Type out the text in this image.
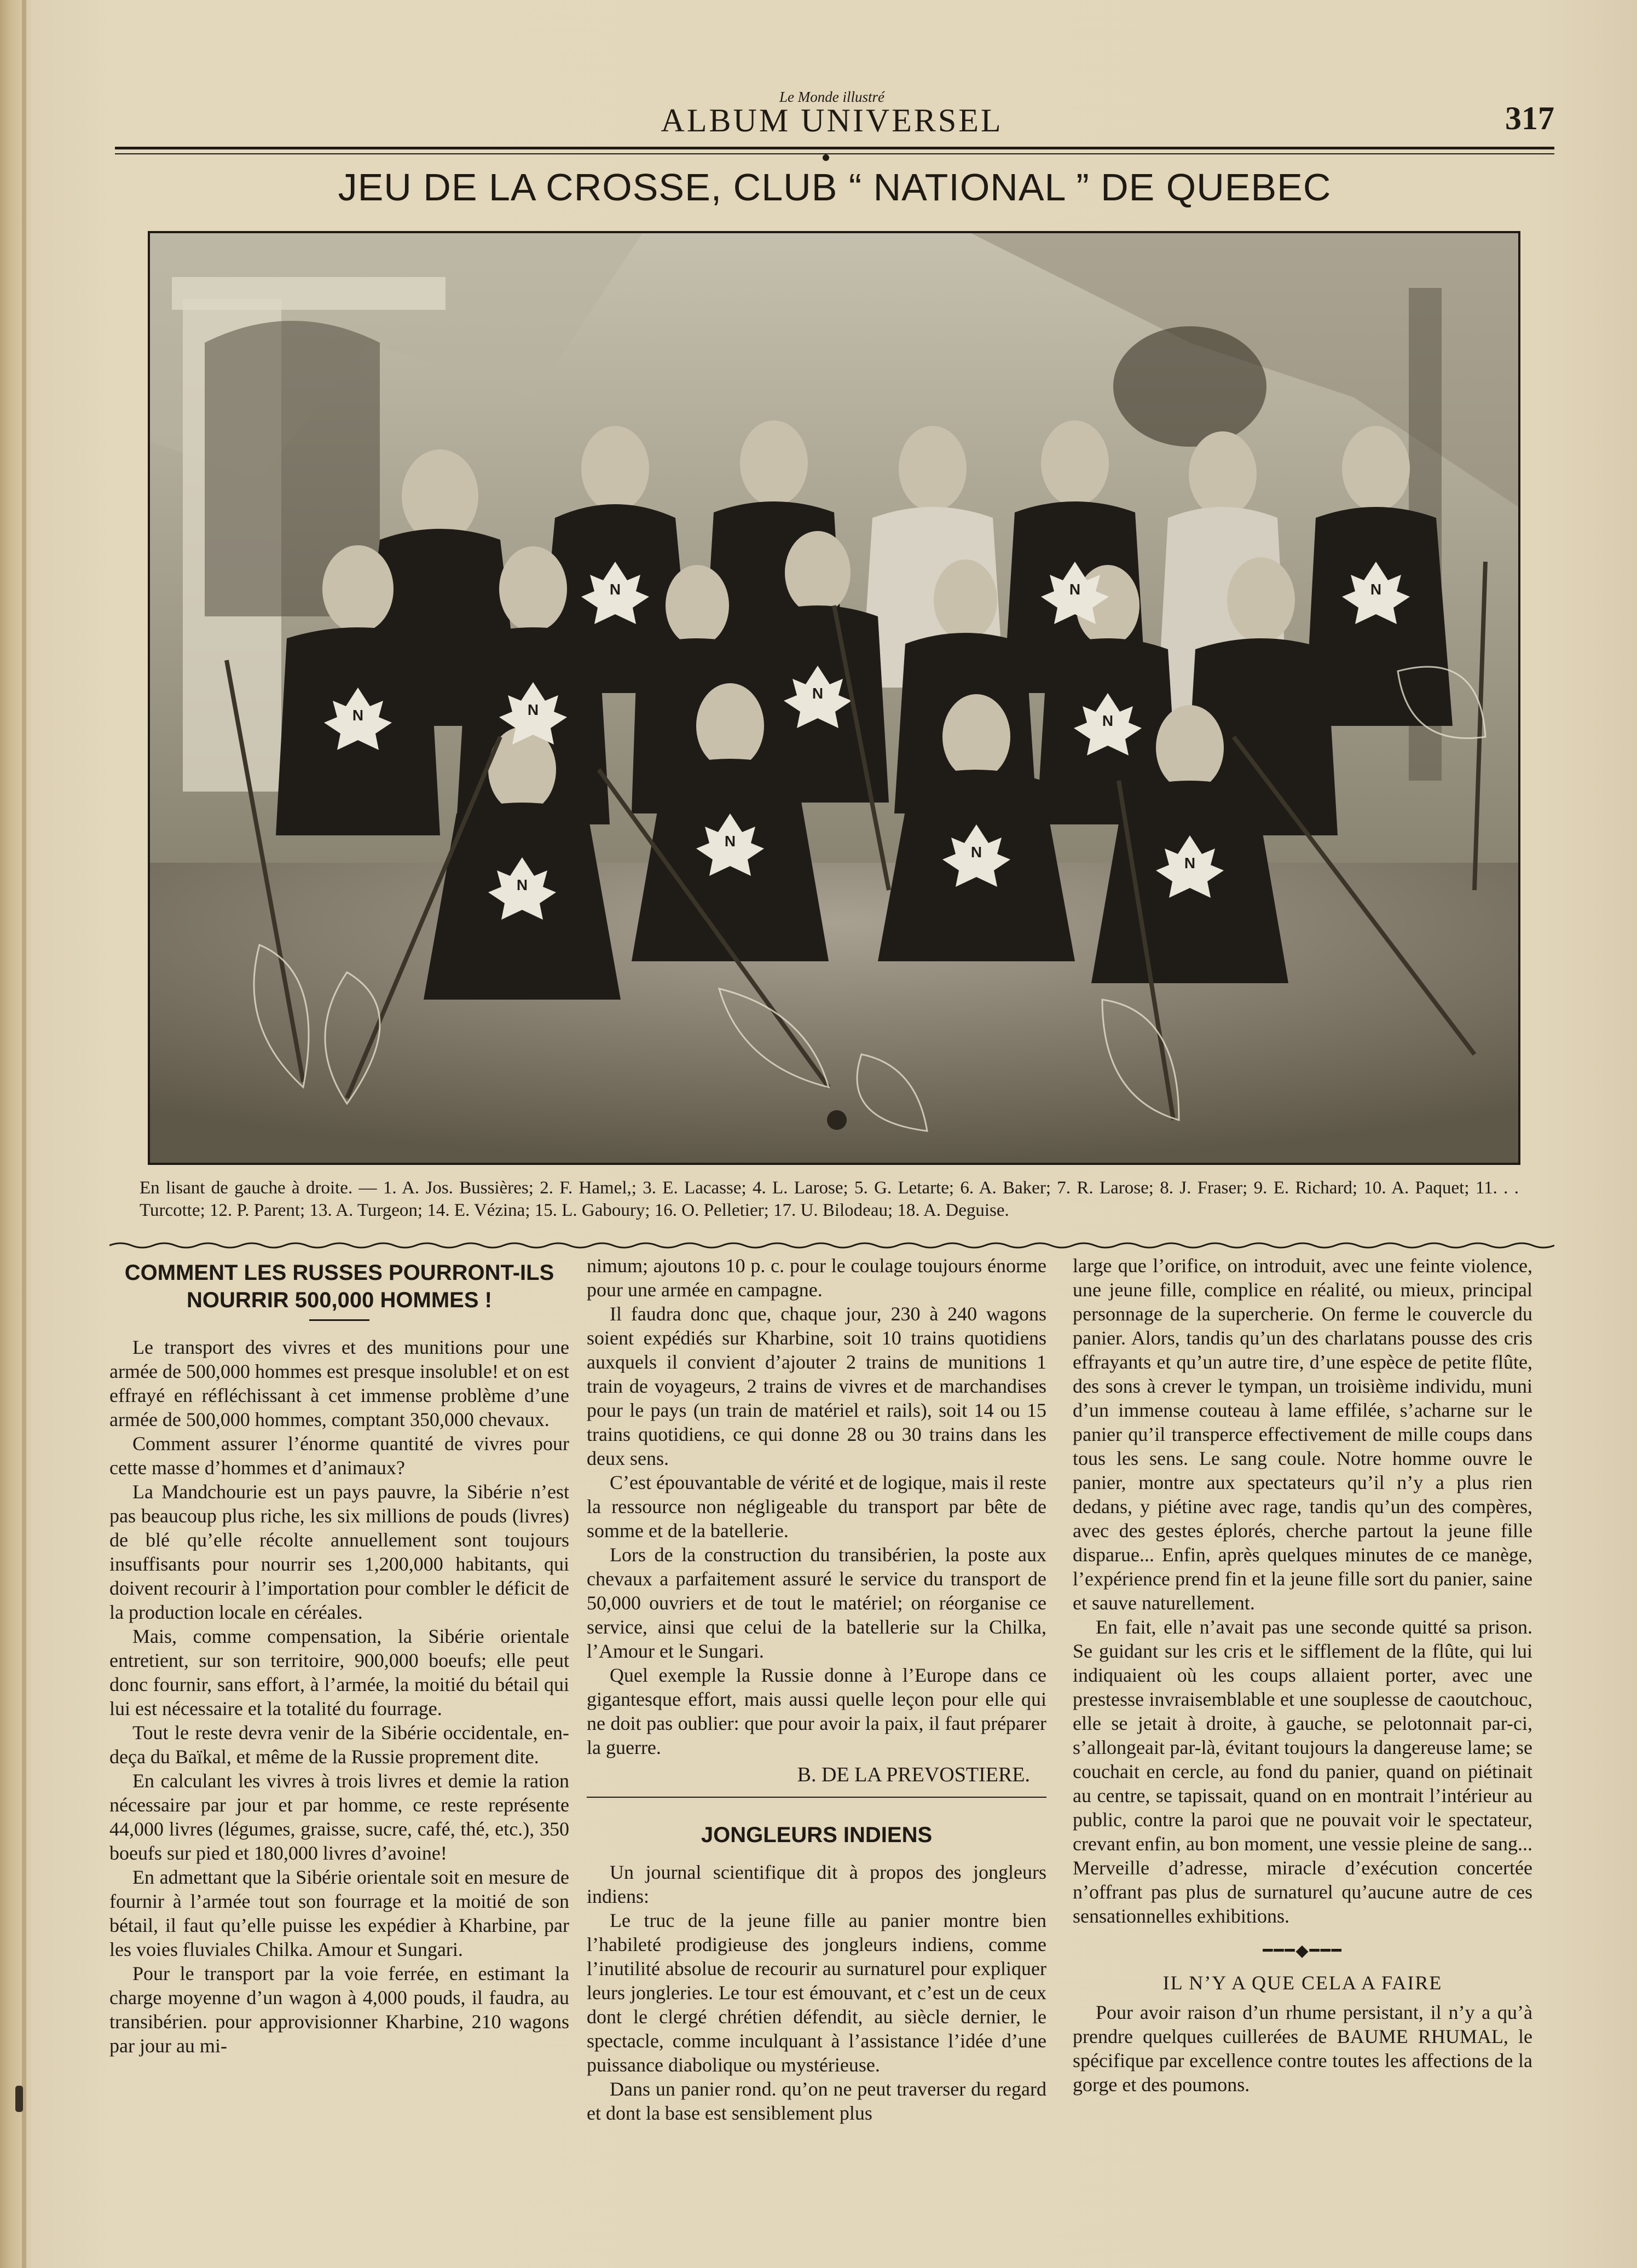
Le Monde illustré
ALBUM UNIVERSEL	317
JEU DE LA CROSSE, CLUB “ NATIONAL ” DE QUEBEC
N	N	N
N	N
N
N
N
N
N
N
En lisant de gauche à droite. — 1. A. Jos. Bussières; 2. F. Hamel,; 3. E. Lacasse; 4. L. Larose; 5. G. Letarte; 6. A. Baker; 7. R. Larose; 8. J. Fraser; 9. E. Richard; 10. A. Paquet; 11. . . Turcotte; 12. P. Parent; 13. A. Turgeon; 14. E. Vézina; 15. L. Gaboury; 16. O. Pelletier; 17. U. Bilodeau; 18. A. Deguise.
COMMENT LES RUSSES POURRONT-ILS NOURRIR 500,000 HOMMES !

Le transport des vivres et des munitions pour une armée de 500,000 hommes est presque insoluble! et on est effrayé en réfléchissant à cet immense problème d’une armée de 500,000 hommes, comptant 350,000 chevaux.

Comment assurer l’énorme quantité de vivres pour cette masse d’hommes et d’animaux?

La Mandchourie est un pays pauvre, la Sibérie n’est pas beaucoup plus riche, les six millions de pouds (livres) de blé qu’elle récolte annuellement sont toujours insuffisants pour nourrir ses 1,200,000 habitants, qui doivent recourir à l’importation pour combler le déficit de la production locale en céréales.

Mais, comme compensation, la Sibérie orientale entretient, sur son territoire, 900,000 boeufs; elle peut donc fournir, sans effort, à l’armée, la moitié du bétail qui lui est nécessaire et la totalité du fourrage.

Tout le reste devra venir de la Sibérie occidentale, en-deça du Baïkal, et même de la Russie proprement dite.

En calculant les vivres à trois livres et demie la ration nécessaire par jour et par homme, ce reste représente 44,000 livres (légumes, graisse, sucre, café, thé, etc.), 350 boeufs sur pied et 180,000 livres d’avoine!

En admettant que la Sibérie orientale soit en mesure de fournir à l’armée tout son fourrage et la moitié de son bétail, il faut qu’elle puisse les expédier à Kharbine, par les voies fluviales Chilka. Amour et Sungari.

Pour le transport par la voie ferrée, en estimant la charge moyenne d’un wagon à 4,000 pouds, il faudra, au transibérien. pour approvisionner Kharbine, 210 wagons par jour au mi-

nimum; ajoutons 10 p. c. pour le coulage toujours énorme pour une armée en campagne.

Il faudra donc que, chaque jour, 230 à 240 wagons soient expédiés sur Kharbine, soit 10 trains quotidiens auxquels il convient d’ajouter 2 trains de munitions 1 train de voyageurs, 2 trains de vivres et de marchandises pour le pays (un train de matériel et rails), soit 14 ou 15 trains quotidiens, ce qui donne 28 ou 30 trains dans les deux sens.

C’est épouvantable de vérité et de logique, mais il reste la ressource non négligeable du transport par bête de somme et de la batellerie.

Lors de la construction du transibérien, la poste aux chevaux a parfaitement assuré le service du transport de 50,000 ouvriers et de tout le matériel; on réorganise ce service, ainsi que celui de la batellerie sur la Chilka, l’Amour et le Sungari.

Quel exemple la Russie donne à l’Europe dans ce gigantesque effort, mais aussi quelle leçon pour elle qui ne doit pas oublier: que pour avoir la paix, il faut préparer la guerre.

B. DE LA PREVOSTIERE.
JONGLEURS INDIENS

Un journal scientifique dit à propos des jongleurs indiens:

Le truc de la jeune fille au panier montre bien l’habileté prodigieuse des jongleurs indiens, comme l’inutilité absolue de recourir au surnaturel pour expliquer leurs jongleries. Le tour est émouvant, et c’est un de ceux dont le clergé chrétien défendit, au siècle dernier, le spectacle, comme inculquant à l’assistance l’idée d’une puissance diabolique ou mystérieuse.

Dans un panier rond. qu’on ne peut traverser du regard et dont la base est sensiblement plus

large que l’orifice, on introduit, avec une feinte violence, une jeune fille, complice en réalité, ou mieux, principal personnage de la supercherie. On ferme le couvercle du panier. Alors, tandis qu’un des charlatans pousse des cris effrayants et qu’un autre tire, d’une espèce de petite flûte, des sons à crever le tympan, un troisième individu, muni d’un immense couteau à lame effilée, s’acharne sur le panier qu’il transperce effectivement de mille coups dans tous les sens. Le sang coule. Notre homme ouvre le panier, montre aux spectateurs qu’il n’y a plus rien dedans, y piétine avec rage, tandis qu’un des compères, avec des gestes éplorés, cherche partout la jeune fille disparue... Enfin, après quelques minutes de ce manège, l’expérience prend fin et la jeune fille sort du panier, saine et sauve naturellement.

En fait, elle n’avait pas une seconde quitté sa prison. Se guidant sur les cris et le sifflement de la flûte, qui lui indiquaient où les coups allaient porter, avec une prestesse invraisemblable et une souplesse de caoutchouc, elle se jetait à droite, à gauche, se pelotonnait par-ci, s’allongeait par-là, évitant toujours la dangereuse lame; se couchait en cercle, au fond du panier, quand on piétinait au centre, se tapissait, quand on en montrait l’intérieur au public, contre la paroi que ne pouvait voir le spectateur, crevant enfin, au bon moment, une vessie pleine de sang... Merveille d’adresse, miracle d’exécution concertée n’offrant pas plus de surnaturel qu’aucune autre de ces sensationnelles exhibitions.

━━━◆━━━
IL N’Y A QUE CELA A FAIRE

Pour avoir raison d’un rhume persistant, il n’y a qu’à prendre quelques cuillerées de BAUME RHUMAL, le spécifique par excellence contre toutes les affections de la gorge et des poumons.
